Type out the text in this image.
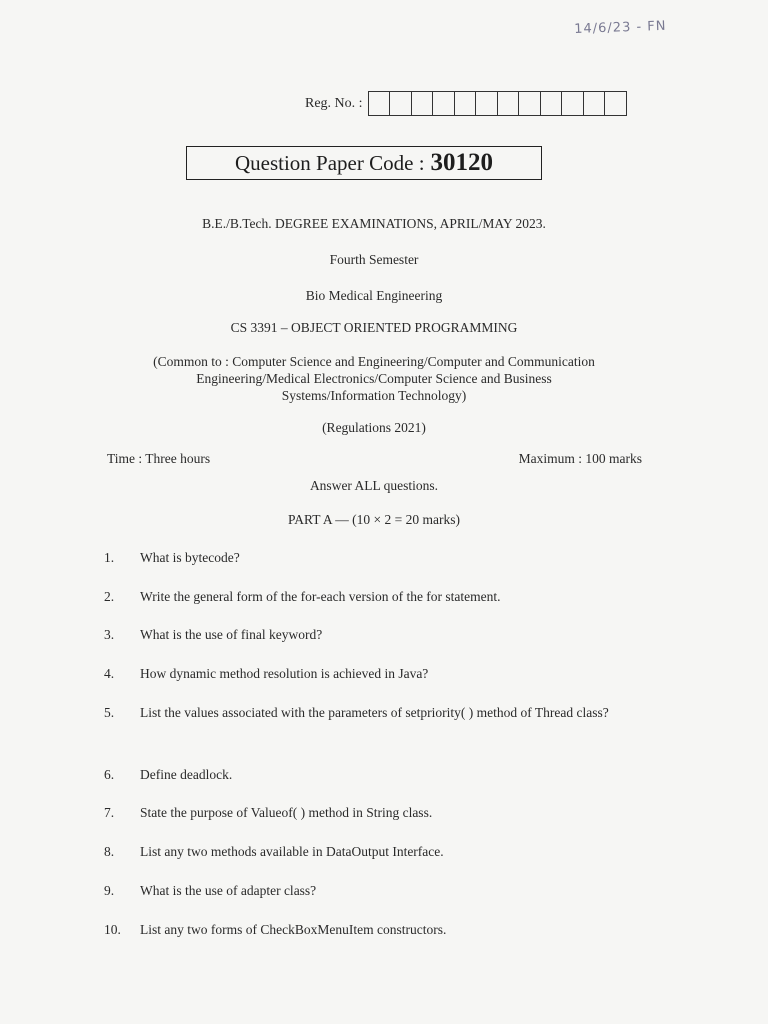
14/6/23 - FN
Reg. No. :
Question Paper Code : 30120
B.E./B.Tech. DEGREE EXAMINATIONS, APRIL/MAY 2023.
Fourth Semester
Bio Medical Engineering
CS 3391 – OBJECT ORIENTED PROGRAMMING
(Common to : Computer Science and Engineering/Computer and Communication
Engineering/Medical Electronics/Computer Science and Business
Systems/Information Technology)
(Regulations 2021)
Time : Three hours	Maximum : 100 marks
Answer ALL questions.
PART A — (10 × 2 = 20 marks)
1.	What is bytecode?
2.	Write the general form of the for-each version of the for statement.
3.	What is the use of final keyword?
4.	How dynamic method resolution is achieved in Java?
5.	List the values associated with the parameters of setpriority( ) method of Thread class?
6.	Define deadlock.
7.	State the purpose of Valueof( ) method in String class.
8.	List any two methods available in DataOutput Interface.
9.	What is the use of adapter class?
10.	List any two forms of CheckBoxMenuItem constructors.
